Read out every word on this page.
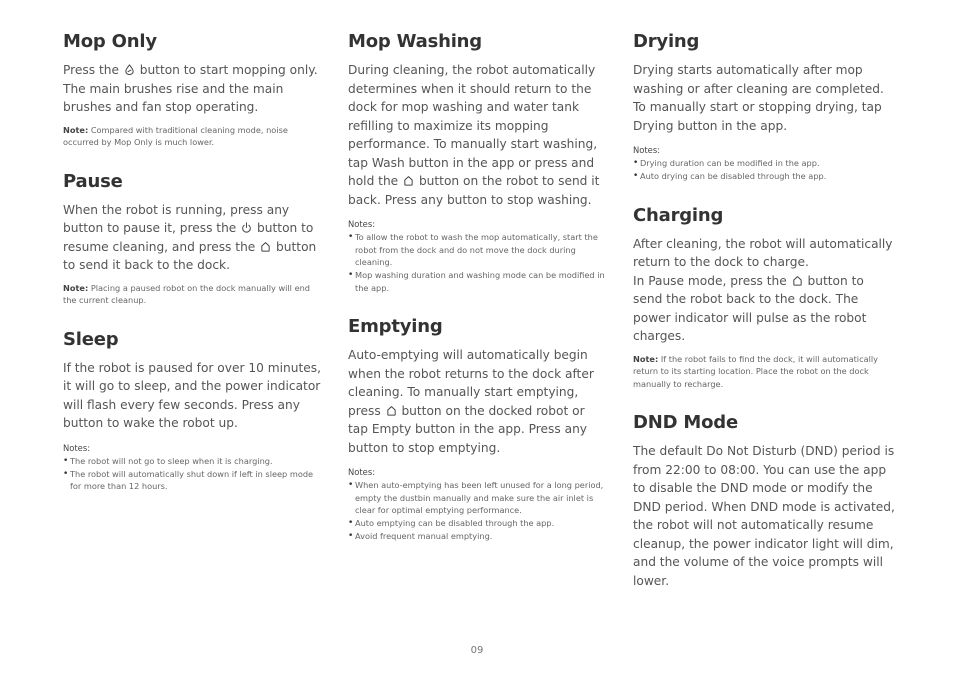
Mop Only

Press the button to start mopping only. The main brushes rise and the main brushes and fan stop operating.

Note: Compared with traditional cleaning mode, noise occurred by Mop Only is much lower.

Pause

When the robot is running, press any button to pause it, press the button to resume cleaning, and press the button to send it back to the dock.

Note: Placing a paused robot on the dock manually will end the current cleanup.

Sleep

If the robot is paused for over 10 minutes, it will go to sleep, and the power indicator will flash every few seconds. Press any button to wake the robot up.

Notes:
• The robot will not go to sleep when it is charging.
• The robot will automatically shut down if left in sleep mode for more than 12 hours.
Mop Washing

During cleaning, the robot automatically determines when it should return to the dock for mop washing and water tank refilling to maximize its mopping performance. To manually start washing, tap Wash button in the app or press and hold the button on the robot to send it back. Press any button to stop washing.

Notes:
• To allow the robot to wash the mop automatically, start the robot from the dock and do not move the dock during cleaning.
• Mop washing duration and washing mode can be modified in the app.
Emptying

Auto-emptying will automatically begin when the robot returns to the dock after cleaning. To manually start emptying, press button on the docked robot or tap Empty button in the app. Press any button to stop emptying.

Notes:
• When auto-emptying has been left unused for a long period, empty the dustbin manually and make sure the air inlet is clear for optimal emptying performance.
• Auto emptying can be disabled through the app.
• Avoid frequent manual emptying.
Drying

Drying starts automatically after mop washing or after cleaning are completed. To manually start or stopping drying, tap Drying button in the app.

Notes:
• Drying duration can be modified in the app.
• Auto drying can be disabled through the app.
Charging

After cleaning, the robot will automatically return to the dock to charge.

In Pause mode, press the button to send the robot back to the dock. The power indicator will pulse as the robot charges.

Note: If the robot fails to find the dock, it will automatically return to its starting location. Place the robot on the dock manually to recharge.

DND Mode

The default Do Not Disturb (DND) period is from 22:00 to 08:00. You can use the app to disable the DND mode or modify the DND period. When DND mode is activated, the robot will not automatically resume cleanup, the power indicator light will dim, and the volume of the voice prompts will lower.

09
